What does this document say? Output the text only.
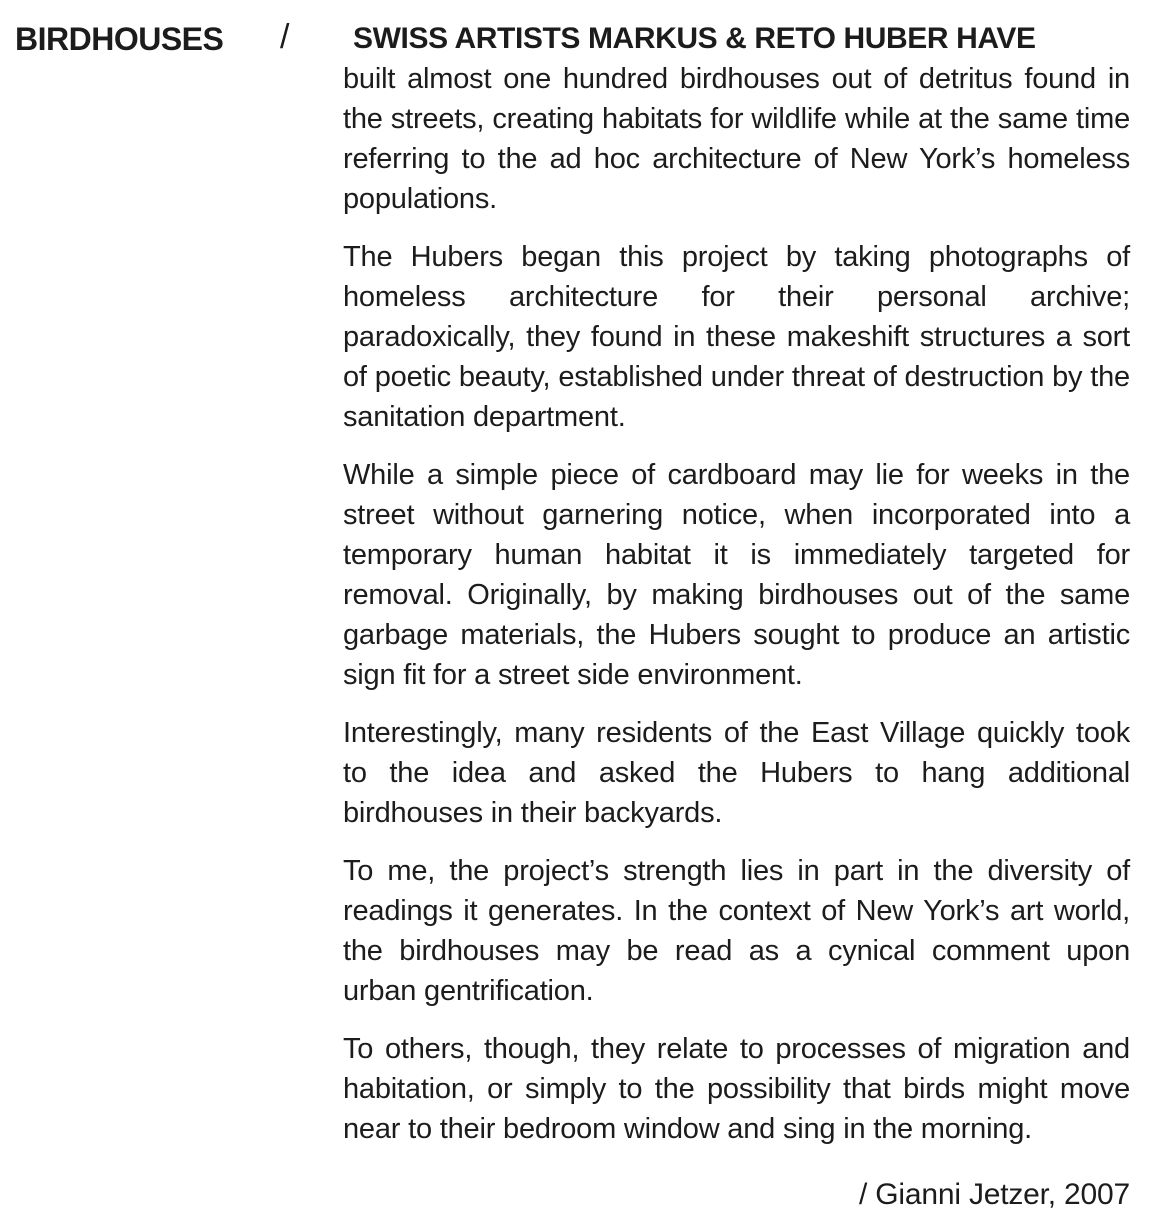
BIRDHOUSES / SWISS ARTISTS MARKUS & RETO HUBER HAVE

built almost one hundred birdhouses out of detritus found in the streets, creating habitats for wildlife while at the same time referring to the ad hoc architecture of New York’s homeless populations.

The Hubers began this project by taking photographs of homeless architecture for their personal archive; paradoxically, they found in these makeshift structures a sort of poetic beauty, established under threat of destruction by the sanitation department.

While a simple piece of cardboard may lie for weeks in the street without garnering notice, when incorporated into a temporary human habitat it is immediately targeted for removal. Originally, by making birdhouses out of the same garbage materials, the Hubers sought to produce an artistic sign fit for a street side environment.

Interestingly, many residents of the East Village quickly took to the idea and asked the Hubers to hang additional birdhouses in their backyards.

To me, the project’s strength lies in part in the diversity of readings it generates. In the context of New York’s art world, the birdhouses may be read as a cynical comment upon urban gentrification.

To others, though, they relate to processes of migration and habitation, or simply to the possibility that birds might move near to their bedroom window and sing in the morning.

/ Gianni Jetzer, 2007
